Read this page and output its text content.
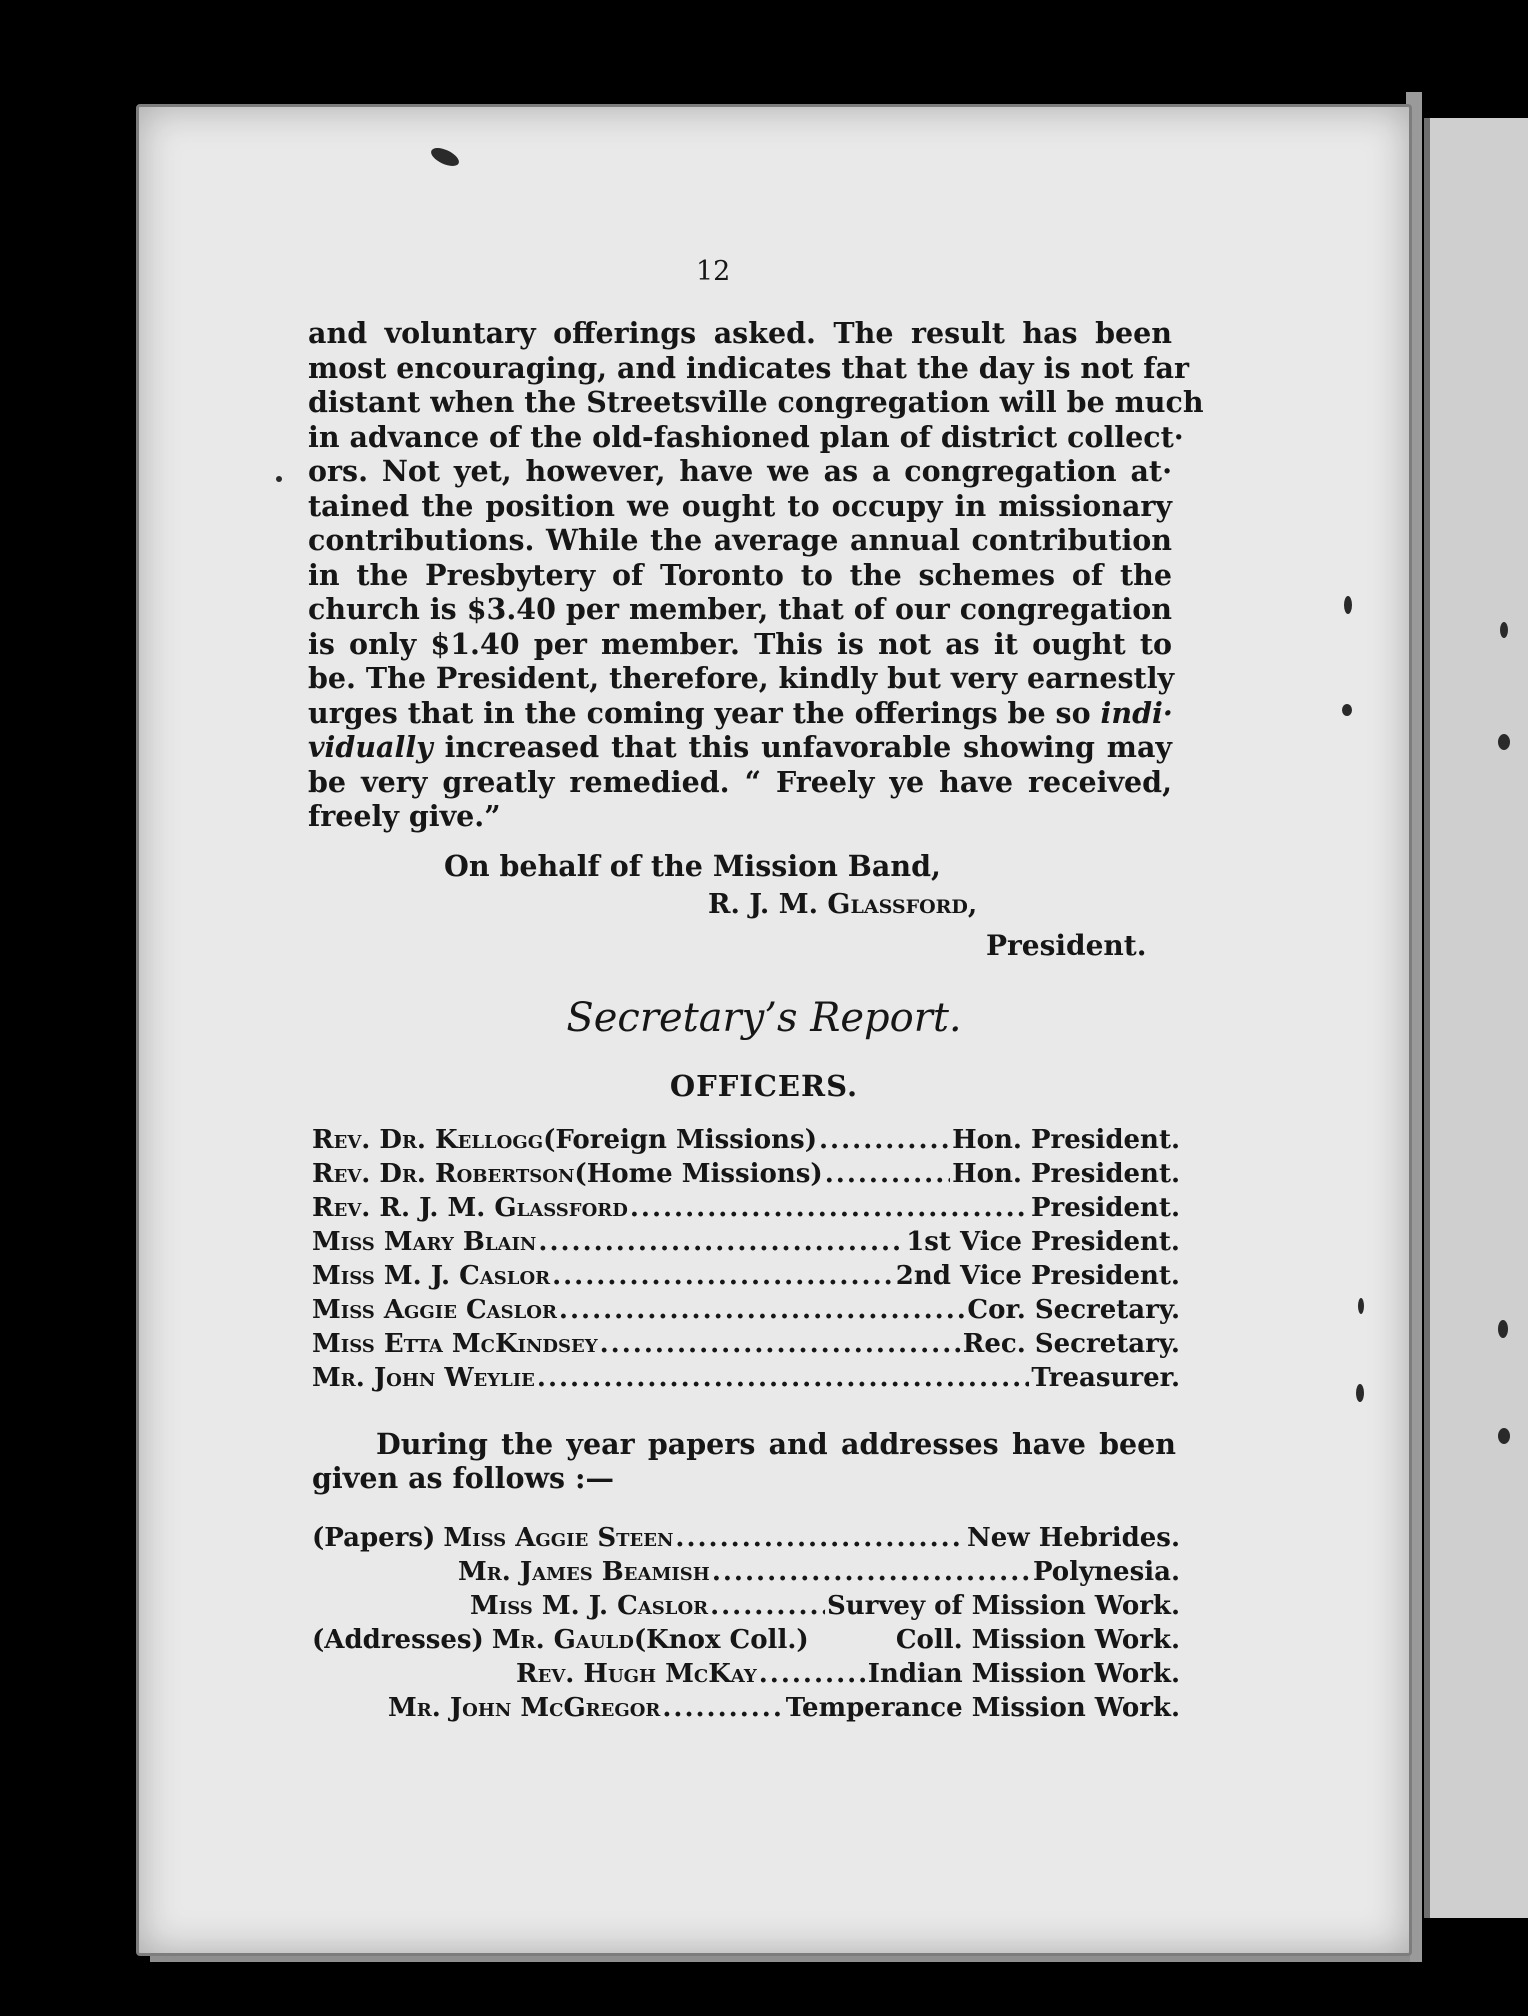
12
and voluntary offerings asked. The result has been
most encouraging, and indicates that the day is not far
distant when the Streetsville congregation will be much
in advance of the old-fashioned plan of district collect·
ors. Not yet, however, have we as a congregation at·
tained the position we ought to occupy in missionary
contributions. While the average annual contribution
in the Presbytery of Toronto to the schemes of the
church is $3.40 per member, that of our congregation
is only $1.40 per member. This is not as it ought to
be. The President, therefore, kindly but very earnestly
urges that in the coming year the offerings be so indi·
vidually increased that this unfavorable showing may
be very greatly remedied. “ Freely ye have received,
freely give.”
On behalf of the Mission Band,
R. J. M. Glassford,
President.
Secretary’s Report.
OFFICERS.
Rev. Dr. Kellogg (Foreign Missions) .....	Hon. President.
Rev. Dr. Robertson (Home Missions) .....	Hon. President.
Rev. R. J. M. Glassford .....	President.
Miss Mary Blain .....	1st Vice President.
Miss M. J. Caslor .....	2nd Vice President.
Miss Aggie Caslor .....	Cor. Secretary.
Miss Etta McKindsey .....	Rec. Secretary.
Mr. John Weylie .....	Treasurer.
During the year papers and addresses have been
given as follows :—
(Papers) Miss Aggie Steen .....	New Hebrides.
Mr. James Beamish .....	Polynesia.
Miss M. J. Caslor .....	Survey of Mission Work.
(Addresses) Mr. Gauld (Knox Coll.)	Coll. Mission Work.
Rev. Hugh McKay .....	Indian Mission Work.
Mr. John McGregor .....	Temperance Mission Work.
